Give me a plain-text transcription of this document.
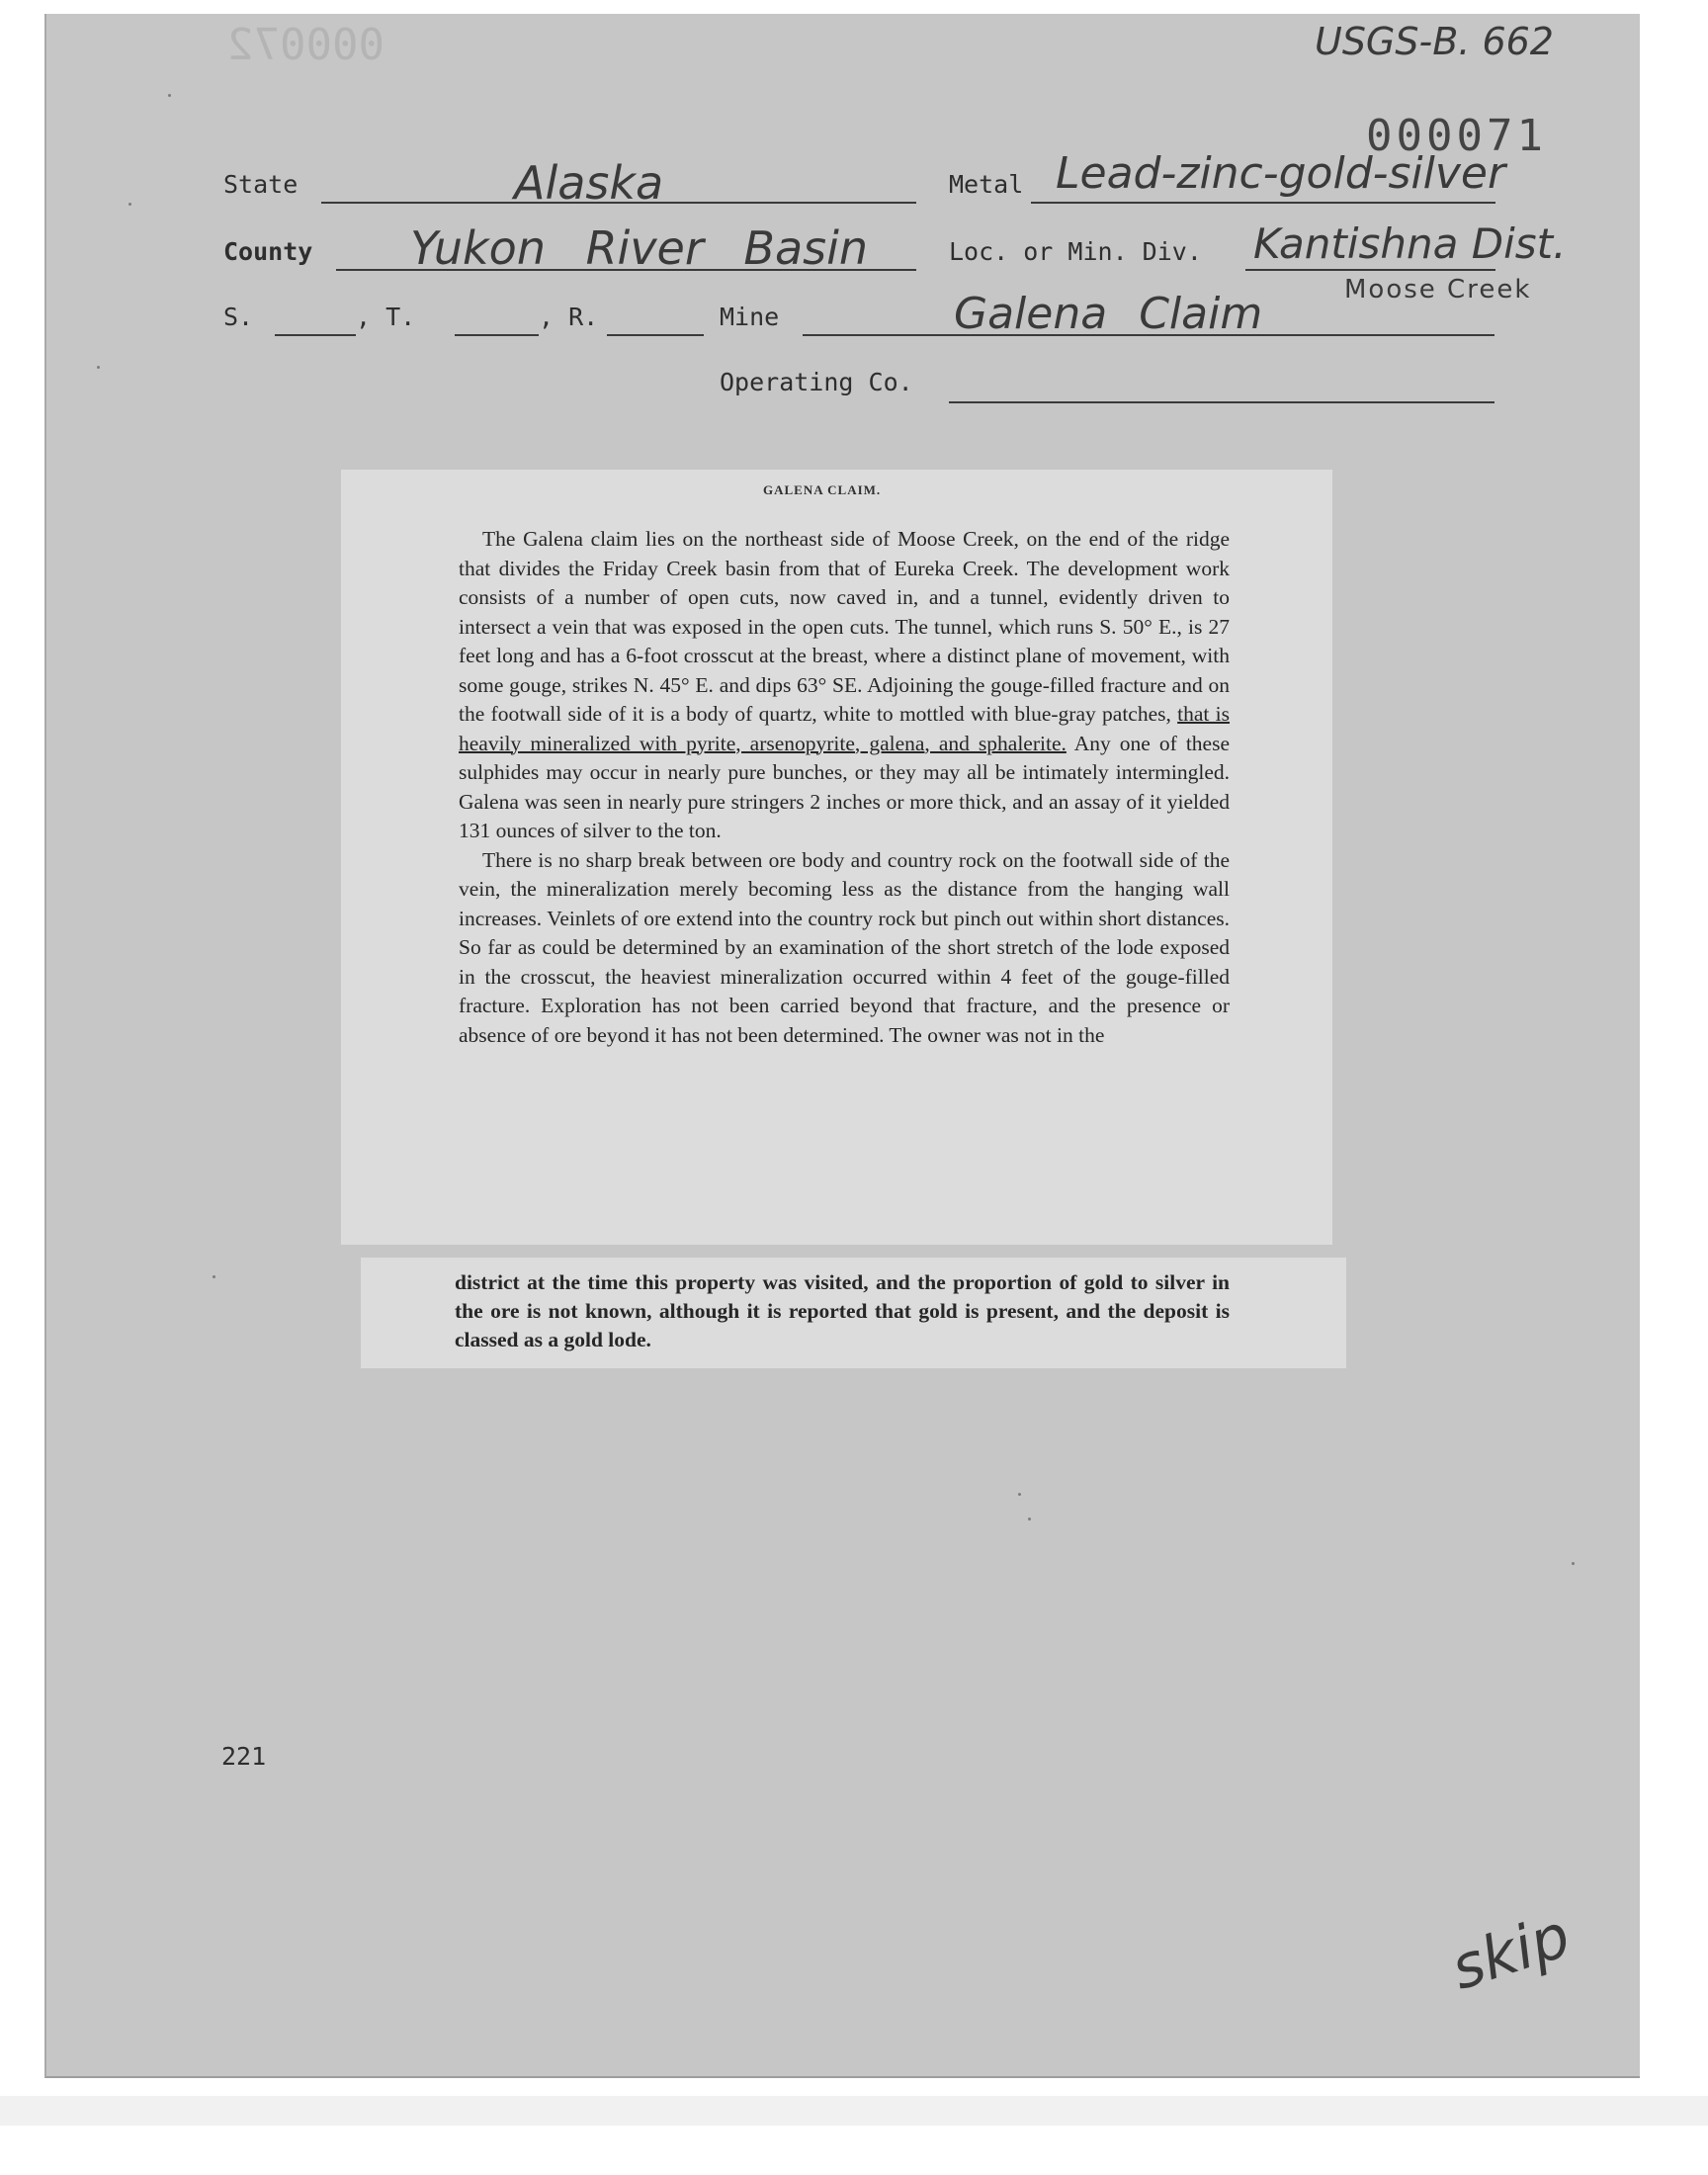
000072	USGS-B. 662
000071
State	Alaska	Metal Lead-zinc-gold-silver
County Yukon River Basin	Loc. or Min. Div. Kantishna Dist.
Moose Creek
S.	, T.	, R.	Mine	Galena Claim
Operating Co.
GALENA CLAIM.

The Galena claim lies on the northeast side of Moose Creek, on the end of the ridge that divides the Friday Creek basin from that of Eureka Creek. The development work consists of a number of open cuts, now caved in, and a tunnel, evidently driven to intersect a vein that was exposed in the open cuts. The tunnel, which runs S. 50° E., is 27 feet long and has a 6-foot crosscut at the breast, where a distinct plane of movement, with some gouge, strikes N. 45° E. and dips 63° SE. Adjoining the gouge-filled fracture and on the footwall side of it is a body of quartz, white to mottled with blue-gray patches, that is heavily mineralized with pyrite, arsenopyrite, galena, and sphalerite. Any one of these sulphides may occur in nearly pure bunches, or they may all be intimately intermingled. Galena was seen in nearly pure stringers 2 inches or more thick, and an assay of it yielded 131 ounces of silver to the ton.

There is no sharp break between ore body and country rock on the footwall side of the vein, the mineralization merely becoming less as the distance from the hanging wall increases. Veinlets of ore extend into the country rock but pinch out within short distances. So far as could be determined by an examination of the short stretch of the lode exposed in the crosscut, the heaviest mineralization occurred within 4 feet of the gouge-filled fracture. Exploration has not been carried beyond that fracture, and the presence or absence of ore beyond it has not been determined. The owner was not in the

district at the time this property was visited, and the proportion of gold to silver in the ore is not known, although it is reported that gold is present, and the deposit is classed as a gold lode.

221
skip
